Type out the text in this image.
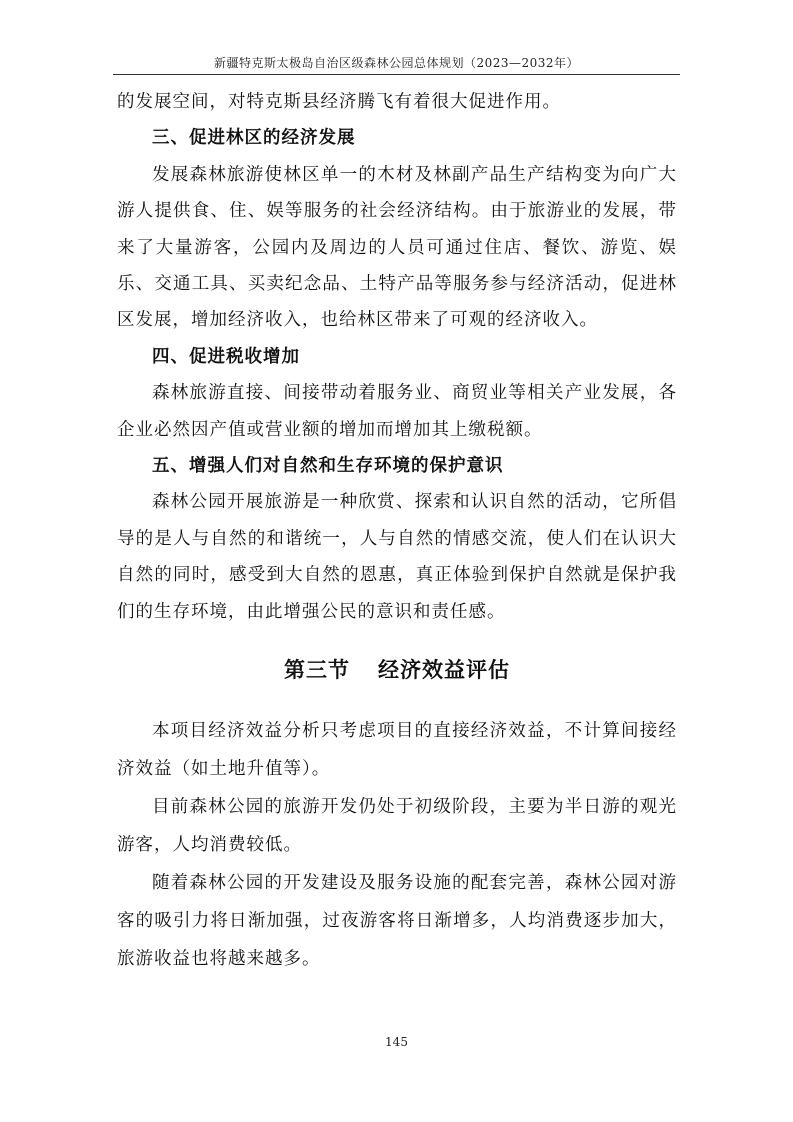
新疆特克斯太极岛自治区级森林公园总体规划（2023—2032年）

的发展空间，对特克斯县经济腾飞有着很大促进作用。

三、促进林区的经济发展

发展森林旅游使林区单一的木材及林副产品生产结构变为向广大游人提供食、住、娱等服务的社会经济结构。由于旅游业的发展，带来了大量游客，公园内及周边的人员可通过住店、餐饮、游览、娱乐、交通工具、买卖纪念品、土特产品等服务参与经济活动，促进林区发展，增加经济收入，也给林区带来了可观的经济收入。

四、促进税收增加

森林旅游直接、间接带动着服务业、商贸业等相关产业发展，各企业必然因产值或营业额的增加而增加其上缴税额。

五、增强人们对自然和生存环境的保护意识

森林公园开展旅游是一种欣赏、探索和认识自然的活动，它所倡导的是人与自然的和谐统一，人与自然的情感交流，使人们在认识大自然的同时，感受到大自然的恩惠，真正体验到保护自然就是保护我们的生存环境，由此增强公民的意识和责任感。

第三节 经济效益评估

本项目经济效益分析只考虑项目的直接经济效益，不计算间接经济效益（如土地升值等）。

目前森林公园的旅游开发仍处于初级阶段，主要为半日游的观光游客，人均消费较低。

随着森林公园的开发建设及服务设施的配套完善，森林公园对游客的吸引力将日渐加强，过夜游客将日渐增多，人均消费逐步加大，旅游收益也将越来越多。

145
